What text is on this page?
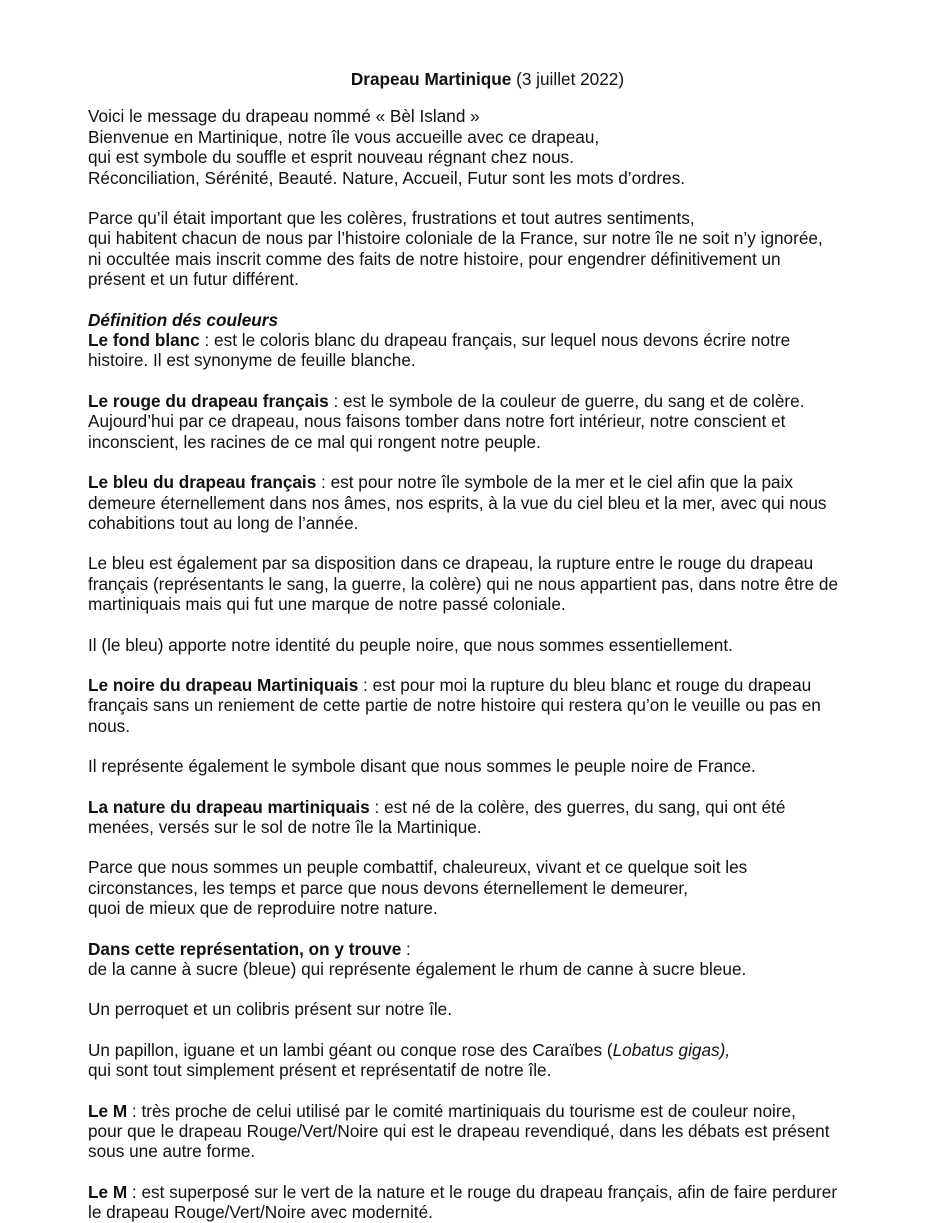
Drapeau Martinique (3 juillet 2022)

Voici le message du drapeau nommé « Bèl Island »
Bienvenue en Martinique, notre île vous accueille avec ce drapeau,
qui est symbole du souffle et esprit nouveau régnant chez nous.
Réconciliation, Sérénité, Beauté. Nature, Accueil, Futur sont les mots d’ordres.

Parce qu’il était important que les colères, frustrations et tout autres sentiments,
qui habitent chacun de nous par l’histoire coloniale de la France, sur notre île ne soit n’y ignorée,
ni occultée mais inscrit comme des faits de notre histoire, pour engendrer définitivement un
présent et un futur différent.

Définition dés couleurs

Le fond blanc : est le coloris blanc du drapeau français, sur lequel nous devons écrire notre
histoire. Il est synonyme de feuille blanche.

Le rouge du drapeau français : est le symbole de la couleur de guerre, du sang et de colère.
Aujourd’hui par ce drapeau, nous faisons tomber dans notre fort intérieur, notre conscient et
inconscient, les racines de ce mal qui rongent notre peuple.

Le bleu du drapeau français : est pour notre île symbole de la mer et le ciel afin que la paix
demeure éternellement dans nos âmes, nos esprits, à la vue du ciel bleu et la mer, avec qui nous
cohabitions tout au long de l’année.

Le bleu est également par sa disposition dans ce drapeau, la rupture entre le rouge du drapeau
français (représentants le sang, la guerre, la colère) qui ne nous appartient pas, dans notre être de
martiniquais mais qui fut une marque de notre passé coloniale.

Il (le bleu) apporte notre identité du peuple noire, que nous sommes essentiellement.

Le noire du drapeau Martiniquais : est pour moi la rupture du bleu blanc et rouge du drapeau
français sans un reniement de cette partie de notre histoire qui restera qu’on le veuille ou pas en
nous.

Il représente également le symbole disant que nous sommes le peuple noire de France.

La nature du drapeau martiniquais : est né de la colère, des guerres, du sang, qui ont été
menées, versés sur le sol de notre île la Martinique.

Parce que nous sommes un peuple combattif, chaleureux, vivant et ce quelque soit les
circonstances, les temps et parce que nous devons éternellement le demeurer,
quoi de mieux que de reproduire notre nature.

Dans cette représentation, on y trouve :
de la canne à sucre (bleue) qui représente également le rhum de canne à sucre bleue.

Un perroquet et un colibris présent sur notre île.

Un papillon, iguane et un lambi géant ou conque rose des Caraïbes (Lobatus gigas),
qui sont tout simplement présent et représentatif de notre île.

Le M : très proche de celui utilisé par le comité martiniquais du tourisme est de couleur noire,
pour que le drapeau Rouge/Vert/Noire qui est le drapeau revendiqué, dans les débats est présent
sous une autre forme.

Le M : est superposé sur le vert de la nature et le rouge du drapeau français, afin de faire perdurer
le drapeau Rouge/Vert/Noire avec modernité.
